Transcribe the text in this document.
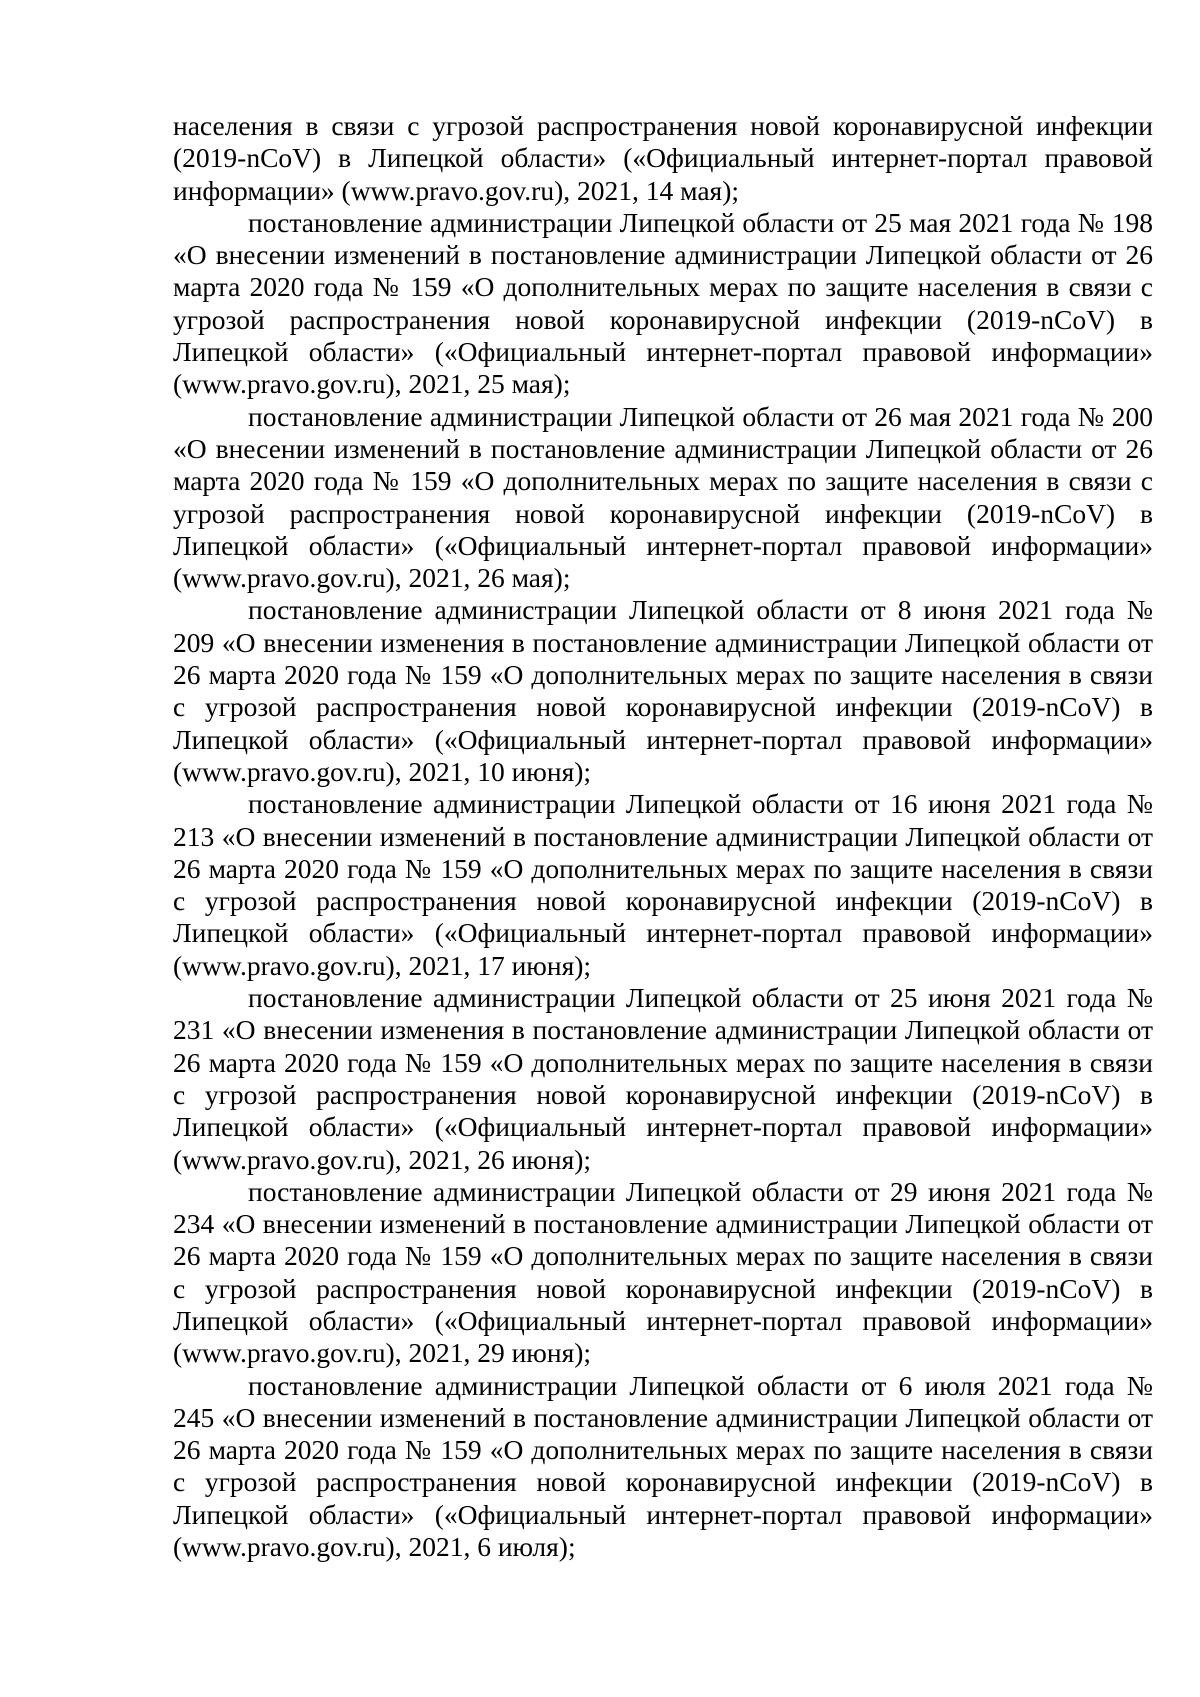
населения в связи с угрозой распространения новой коронавирусной инфекции (2019-nCoV) в Липецкой области» («Официальный интернет-портал правовой информации» (www.pravo.gov.ru), 2021, 14 мая);

постановление администрации Липецкой области от 25 мая 2021 года № 198 «О внесении изменений в постановление администрации Липецкой области от 26 марта 2020 года № 159 «О дополнительных мерах по защите населения в связи с угрозой распространения новой коронавирусной инфекции (2019-nCoV) в Липецкой области» («Официальный интернет-портал правовой информации» (www.pravo.gov.ru), 2021, 25 мая);

постановление администрации Липецкой области от 26 мая 2021 года № 200 «О внесении изменений в постановление администрации Липецкой области от 26 марта 2020 года № 159 «О дополнительных мерах по защите населения в связи с угрозой распространения новой коронавирусной инфекции (2019-nCoV) в Липецкой области» («Официальный интернет-портал правовой информации» (www.pravo.gov.ru), 2021, 26 мая);

постановление администрации Липецкой области от 8 июня 2021 года № 209 «О внесении изменения в постановление администрации Липецкой области от 26 марта 2020 года № 159 «О дополнительных мерах по защите населения в связи с угрозой распространения новой коронавирусной инфекции (2019-nCoV) в Липецкой области» («Официальный интернет-портал правовой информации» (www.pravo.gov.ru), 2021, 10 июня);

постановление администрации Липецкой области от 16 июня 2021 года № 213 «О внесении изменений в постановление администрации Липецкой области от 26 марта 2020 года № 159 «О дополнительных мерах по защите населения в связи с угрозой распространения новой коронавирусной инфекции (2019-nCoV) в Липецкой области» («Официальный интернет-портал правовой информации» (www.pravo.gov.ru), 2021, 17 июня);

постановление администрации Липецкой области от 25 июня 2021 года № 231 «О внесении изменения в постановление администрации Липецкой области от 26 марта 2020 года № 159 «О дополнительных мерах по защите населения в связи с угрозой распространения новой коронавирусной инфекции (2019-nCoV) в Липецкой области» («Официальный интернет-портал правовой информации» (www.pravo.gov.ru), 2021, 26 июня);

постановление администрации Липецкой области от 29 июня 2021 года № 234 «О внесении изменений в постановление администрации Липецкой области от 26 марта 2020 года № 159 «О дополнительных мерах по защите населения в связи с угрозой распространения новой коронавирусной инфекции (2019-nCoV) в Липецкой области» («Официальный интернет-портал правовой информации» (www.pravo.gov.ru), 2021, 29 июня);

постановление администрации Липецкой области от 6 июля 2021 года № 245 «О внесении изменений в постановление администрации Липецкой области от 26 марта 2020 года № 159 «О дополнительных мерах по защите населения в связи с угрозой распространения новой коронавирусной инфекции (2019-nCoV) в Липецкой области» («Официальный интернет-портал правовой информации» (www.pravo.gov.ru), 2021, 6 июля);
